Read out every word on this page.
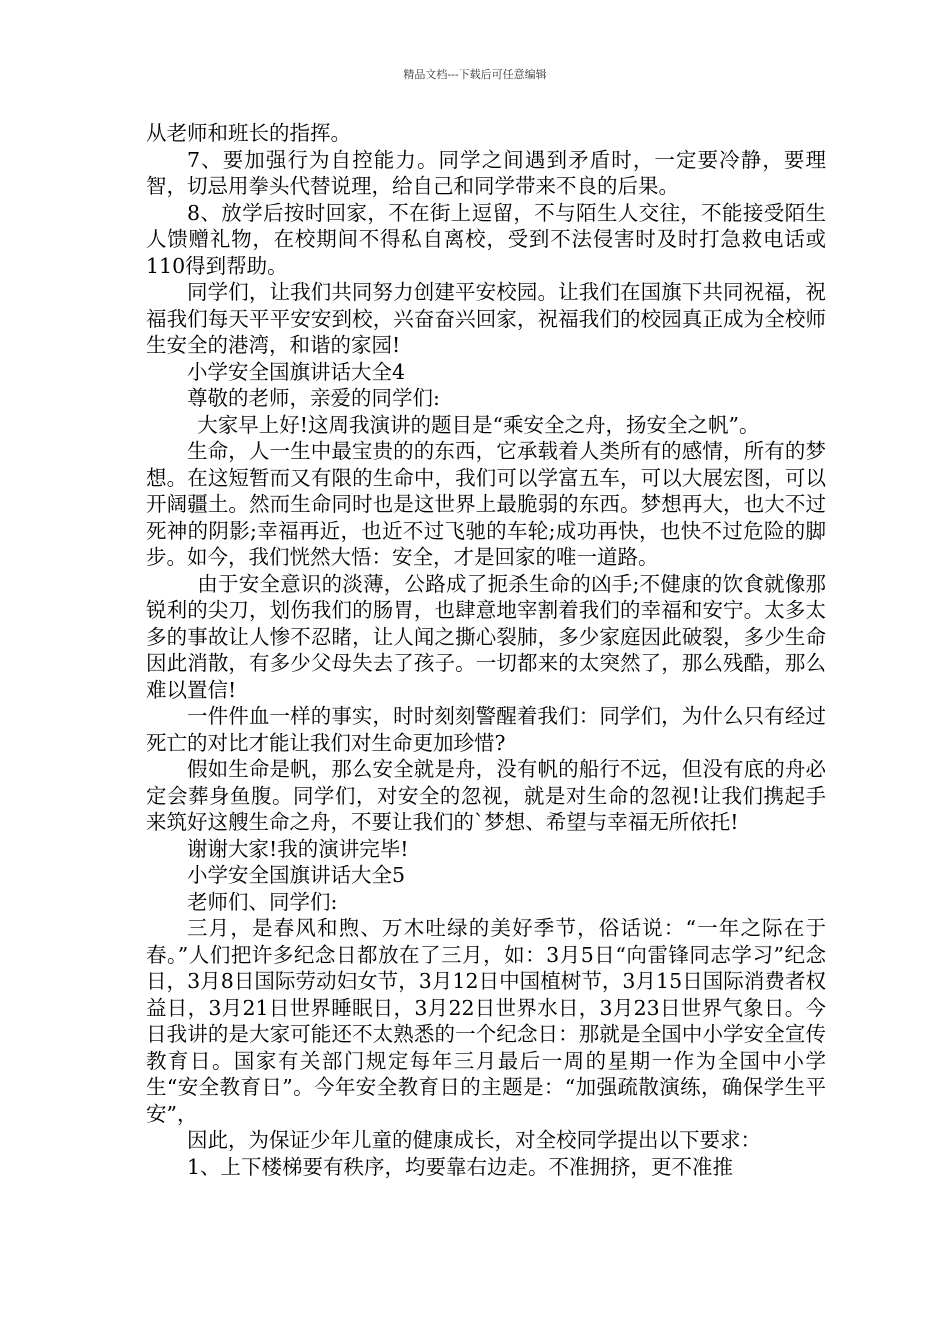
精品文档---下载后可任意编辑

从老师和班长的指挥。

7、要加强行为自控能力。同学之间遇到矛盾时，一定要冷静，要理智，切忌用拳头代替说理，给自己和同学带来不良的后果。

8、放学后按时回家，不在街上逗留，不与陌生人交往，不能接受陌生人馈赠礼物，在校期间不得私自离校，受到不法侵害时及时打急救电话或110得到帮助。

同学们，让我们共同努力创建平安校园。让我们在国旗下共同祝福，祝福我们每天平平安安到校，兴奋奋兴回家，祝福我们的校园真正成为全校师生安全的港湾，和谐的家园!

小学安全国旗讲话大全4

尊敬的老师，亲爱的同学们:

大家早上好!这周我演讲的题目是“乘安全之舟，扬安全之帆”。

生命，人一生中最宝贵的的东西，它承载着人类所有的感情，所有的梦想。在这短暂而又有限的生命中，我们可以学富五车，可以大展宏图，可以开阔疆土。然而生命同时也是这世界上最脆弱的东西。梦想再大，也大不过死神的阴影;幸福再近，也近不过飞驰的车轮;成功再快，也快不过危险的脚步。如今，我们恍然大悟：安全，才是回家的唯一道路。

由于安全意识的淡薄，公路成了扼杀生命的凶手;不健康的饮食就像那锐利的尖刀，划伤我们的肠胃，也肆意地宰割着我们的幸福和安宁。太多太多的事故让人惨不忍睹，让人闻之撕心裂肺，多少家庭因此破裂，多少生命因此消散，有多少父母失去了孩子。一切都来的太突然了，那么残酷，那么难以置信!

一件件血一样的事实，时时刻刻警醒着我们：同学们，为什么只有经过死亡的对比才能让我们对生命更加珍惜?

假如生命是帆，那么安全就是舟，没有帆的船行不远，但没有底的舟必定会葬身鱼腹。同学们，对安全的忽视，就是对生命的忽视!让我们携起手来筑好这艘生命之舟，不要让我们的`梦想、希望与幸福无所依托!

谢谢大家!我的演讲完毕!

小学安全国旗讲话大全5

老师们、同学们:

三月，是春风和煦、万木吐绿的美好季节，俗话说：“一年之际在于春。”人们把许多纪念日都放在了三月，如：3月5日“向雷锋同志学习”纪念日，3月8日国际劳动妇女节，3月12日中国植树节，3月15日国际消费者权益日，3月21日世界睡眠日，3月22日世界水日，3月23日世界气象日。今日我讲的是大家可能还不太熟悉的一个纪念日：那就是全国中小学安全宣传教育日。国家有关部门规定每年三月最后一周的星期一作为全国中小学生“安全教育日”。今年安全教育日的主题是：“加强疏散演练，确保学生平安”，

因此，为保证少年儿童的健康成长，对全校同学提出以下要求：

1、上下楼梯要有秩序，均要靠右边走。不准拥挤，更不准推
